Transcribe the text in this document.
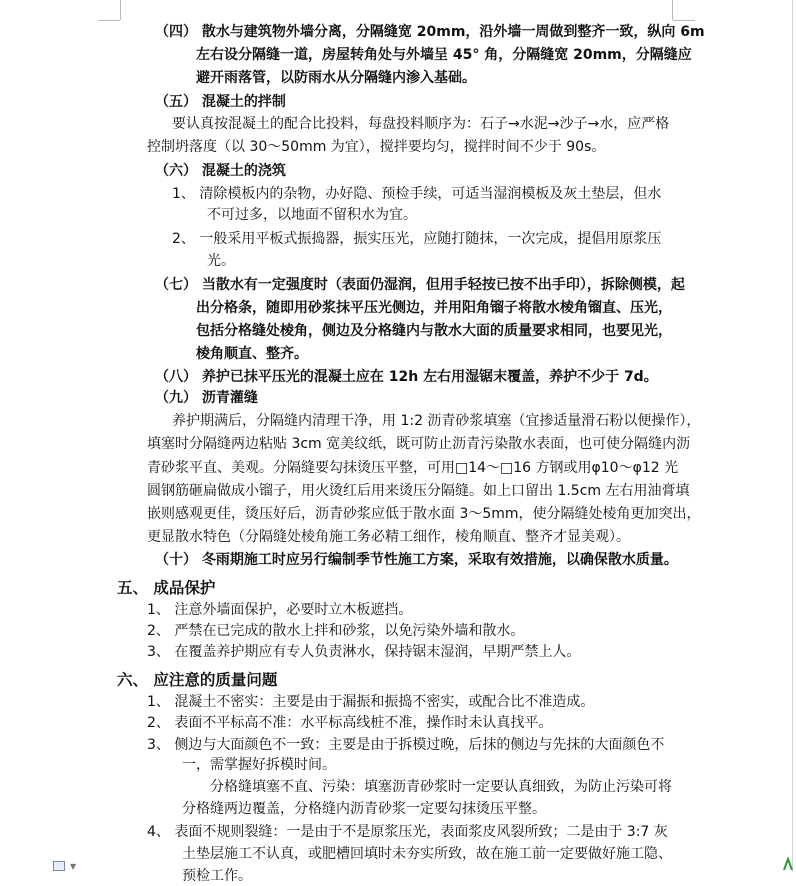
（四） 散水与建筑物外墙分离，分隔缝宽 20mm，沿外墙一周做到整齐一致，纵向 6m
左右设分隔缝一道，房屋转角处与外墙呈 45° 角，分隔缝宽 20mm，分隔缝应
避开雨落管，以防雨水从分隔缝内渗入基础。
（五） 混凝土的拌制
要认真按混凝土的配合比投料，每盘投料顺序为：石子→水泥→沙子→水，应严格
控制坍落度（以 30～50mm 为宜），搅拌要均匀，搅拌时间不少于 90s。
（六） 混凝土的浇筑
1、 清除模板内的杂物，办好隐、预检手续，可适当湿润模板及灰土垫层，但水
不可过多，以地面不留积水为宜。
2、 一般采用平板式振捣器，振实压光，应随打随抹，一次完成，提倡用原浆压
光。
（七） 当散水有一定强度时（表面仍湿润，但用手轻按已按不出手印），拆除侧模，起
出分格条，随即用砂浆抹平压光侧边，并用阳角镏子将散水棱角镏直、压光，
包括分格缝处棱角，侧边及分格缝内与散水大面的质量要求相同，也要见光，
棱角顺直、整齐。
（八） 养护已抹平压光的混凝土应在 12h 左右用湿锯末覆盖，养护不少于 7d。
（九） 沥青灌缝
养护期满后，分隔缝内清理干净，用 1:2 沥青砂浆填塞（宜掺适量滑石粉以便操作），
填塞时分隔缝两边粘贴 3cm 宽美纹纸，既可防止沥青污染散水表面，也可使分隔缝内沥
青砂浆平直、美观。分隔缝要勾抹烫压平整，可用□14～□16 方钢或用φ10～φ12 光
圆钢筋砸扁做成小镏子，用火烫红后用来烫压分隔缝。如上口留出 1.5cm 左右用油膏填
嵌则感观更佳，烫压好后，沥青砂浆应低于散水面 3～5mm，使分隔缝处棱角更加突出，
更显散水特色（分隔缝处棱角施工务必精工细作，棱角顺直、整齐才显美观）。
（十） 冬雨期施工时应另行编制季节性施工方案，采取有效措施，以确保散水质量。
五、 成品保护
1、 注意外墙面保护，必要时立木板遮挡。
2、 严禁在已完成的散水上拌和砂浆，以免污染外墙和散水。
3、 在覆盖养护期应有专人负责淋水，保持锯末湿润，早期严禁上人。
六、 应注意的质量问题
1、 混凝土不密实：主要是由于漏振和振捣不密实，或配合比不准造成。
2、 表面不平标高不准：水平标高线桩不准，操作时未认真找平。
3、 侧边与大面颜色不一致：主要是由于拆模过晚，后抹的侧边与先抹的大面颜色不
一，需掌握好拆模时间。
分格缝填塞不直、污染：填塞沥青砂浆时一定要认真细致，为防止污染可将
分格缝两边覆盖，分格缝内沥青砂浆一定要勾抹烫压平整。
4、 表面不规则裂缝：一是由于不是原浆压光，表面浆皮风裂所致；二是由于 3:7 灰
土垫层施工不认真，或肥槽回填时未夯实所致，故在施工前一定要做好施工隐、
预检工作。
▼
